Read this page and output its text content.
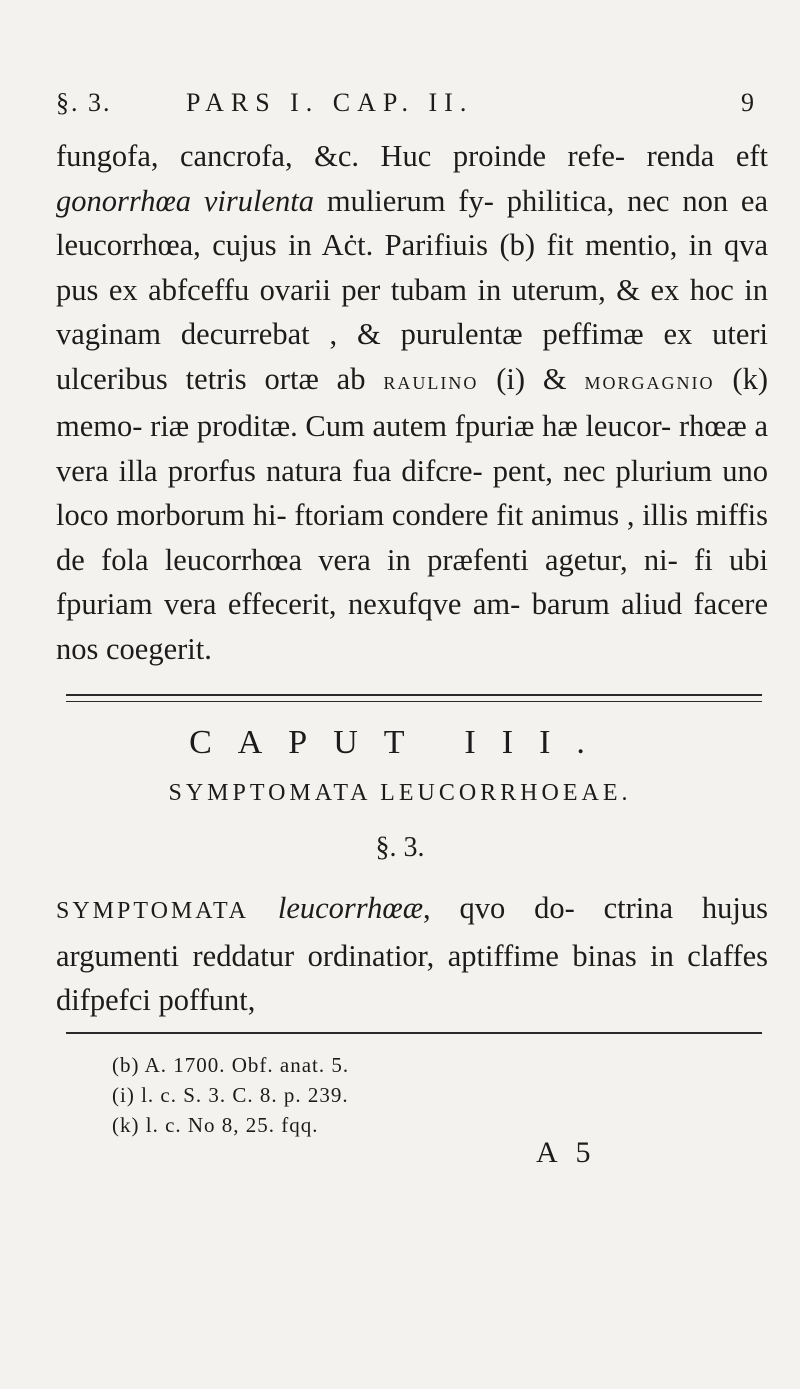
§. 3.	PARS I. CAP. II.	9

fungofa, cancrofa, &c. Huc proinde refe- renda eft gonorrhœa virulenta mulierum fy- philitica, nec non ea leucorrhœa, cujus in Aċt. Parifiuis (b) fit mentio, in qva pus ex abfceffu ovarii per tubam in uterum, & ex hoc in vaginam decurrebat , & purulentæ peffimæ ex uteri ulceribus tetris ortæ ab raulino (i) & morgagnio (k) memo- riæ proditæ. Cum autem fpuriæ hæ leucor- rhœæ a vera illa prorfus natura fua difcre- pent, nec plurium uno loco morborum hi- ftoriam condere fit animus , illis miffis de fola leucorrhœa vera in præfenti agetur, ni- fi ubi fpuriam vera effecerit, nexufqve am- barum aliud facere nos coegerit.

CAPUT III.
SYMPTOMATA LEUCORRHOEAE.
§. 3.

SYMPTOMATA leucorrhœæ, qvo do- ctrina hujus argumenti reddatur ordinatior, aptiffime binas in claffes difpefci poffunt,

(b) A. 1700. Obf. anat. 5.
(i) l. c. S. 3. C. 8. p. 239.
(k) l. c. No 8, 25. fqq.
A 5
